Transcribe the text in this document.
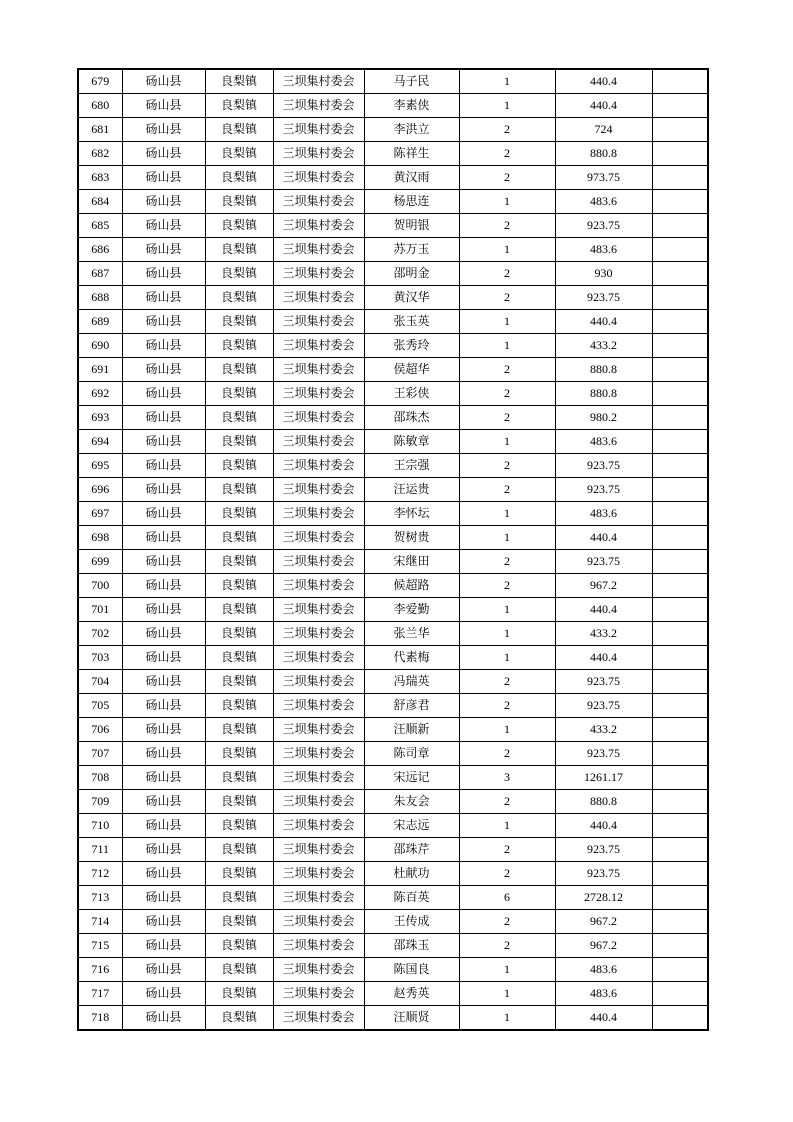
679	砀山县	良梨镇	三坝集村委会	马子民	1	440.4	
680	砀山县	良梨镇	三坝集村委会	李素侠	1	440.4	
681	砀山县	良梨镇	三坝集村委会	李洪立	2	724	
682	砀山县	良梨镇	三坝集村委会	陈祥生	2	880.8	
683	砀山县	良梨镇	三坝集村委会	黄汉雨	2	973.75	
684	砀山县	良梨镇	三坝集村委会	杨思连	1	483.6	
685	砀山县	良梨镇	三坝集村委会	贺明银	2	923.75	
686	砀山县	良梨镇	三坝集村委会	苏万玉	1	483.6	
687	砀山县	良梨镇	三坝集村委会	邵明金	2	930	
688	砀山县	良梨镇	三坝集村委会	黄汉华	2	923.75	
689	砀山县	良梨镇	三坝集村委会	张玉英	1	440.4	
690	砀山县	良梨镇	三坝集村委会	张秀玲	1	433.2	
691	砀山县	良梨镇	三坝集村委会	侯超华	2	880.8	
692	砀山县	良梨镇	三坝集村委会	王彩侠	2	880.8	
693	砀山县	良梨镇	三坝集村委会	邵珠杰	2	980.2	
694	砀山县	良梨镇	三坝集村委会	陈敏章	1	483.6	
695	砀山县	良梨镇	三坝集村委会	王宗强	2	923.75	
696	砀山县	良梨镇	三坝集村委会	汪运贵	2	923.75	
697	砀山县	良梨镇	三坝集村委会	李怀坛	1	483.6	
698	砀山县	良梨镇	三坝集村委会	贺树贵	1	440.4	
699	砀山县	良梨镇	三坝集村委会	宋继田	2	923.75	
700	砀山县	良梨镇	三坝集村委会	候超路	2	967.2	
701	砀山县	良梨镇	三坝集村委会	李爱勤	1	440.4	
702	砀山县	良梨镇	三坝集村委会	张兰华	1	433.2	
703	砀山县	良梨镇	三坝集村委会	代素梅	1	440.4	
704	砀山县	良梨镇	三坝集村委会	冯瑞英	2	923.75	
705	砀山县	良梨镇	三坝集村委会	舒彦君	2	923.75	
706	砀山县	良梨镇	三坝集村委会	汪顺新	1	433.2	
707	砀山县	良梨镇	三坝集村委会	陈司章	2	923.75	
708	砀山县	良梨镇	三坝集村委会	宋远记	3	1261.17	
709	砀山县	良梨镇	三坝集村委会	朱友会	2	880.8	
710	砀山县	良梨镇	三坝集村委会	宋志远	1	440.4	
711	砀山县	良梨镇	三坝集村委会	邵珠芹	2	923.75	
712	砀山县	良梨镇	三坝集村委会	杜献功	2	923.75	
713	砀山县	良梨镇	三坝集村委会	陈百英	6	2728.12	
714	砀山县	良梨镇	三坝集村委会	王传成	2	967.2	
715	砀山县	良梨镇	三坝集村委会	邵珠玉	2	967.2	
716	砀山县	良梨镇	三坝集村委会	陈国良	1	483.6	
717	砀山县	良梨镇	三坝集村委会	赵秀英	1	483.6	
718	砀山县	良梨镇	三坝集村委会	汪顺贤	1	440.4	
